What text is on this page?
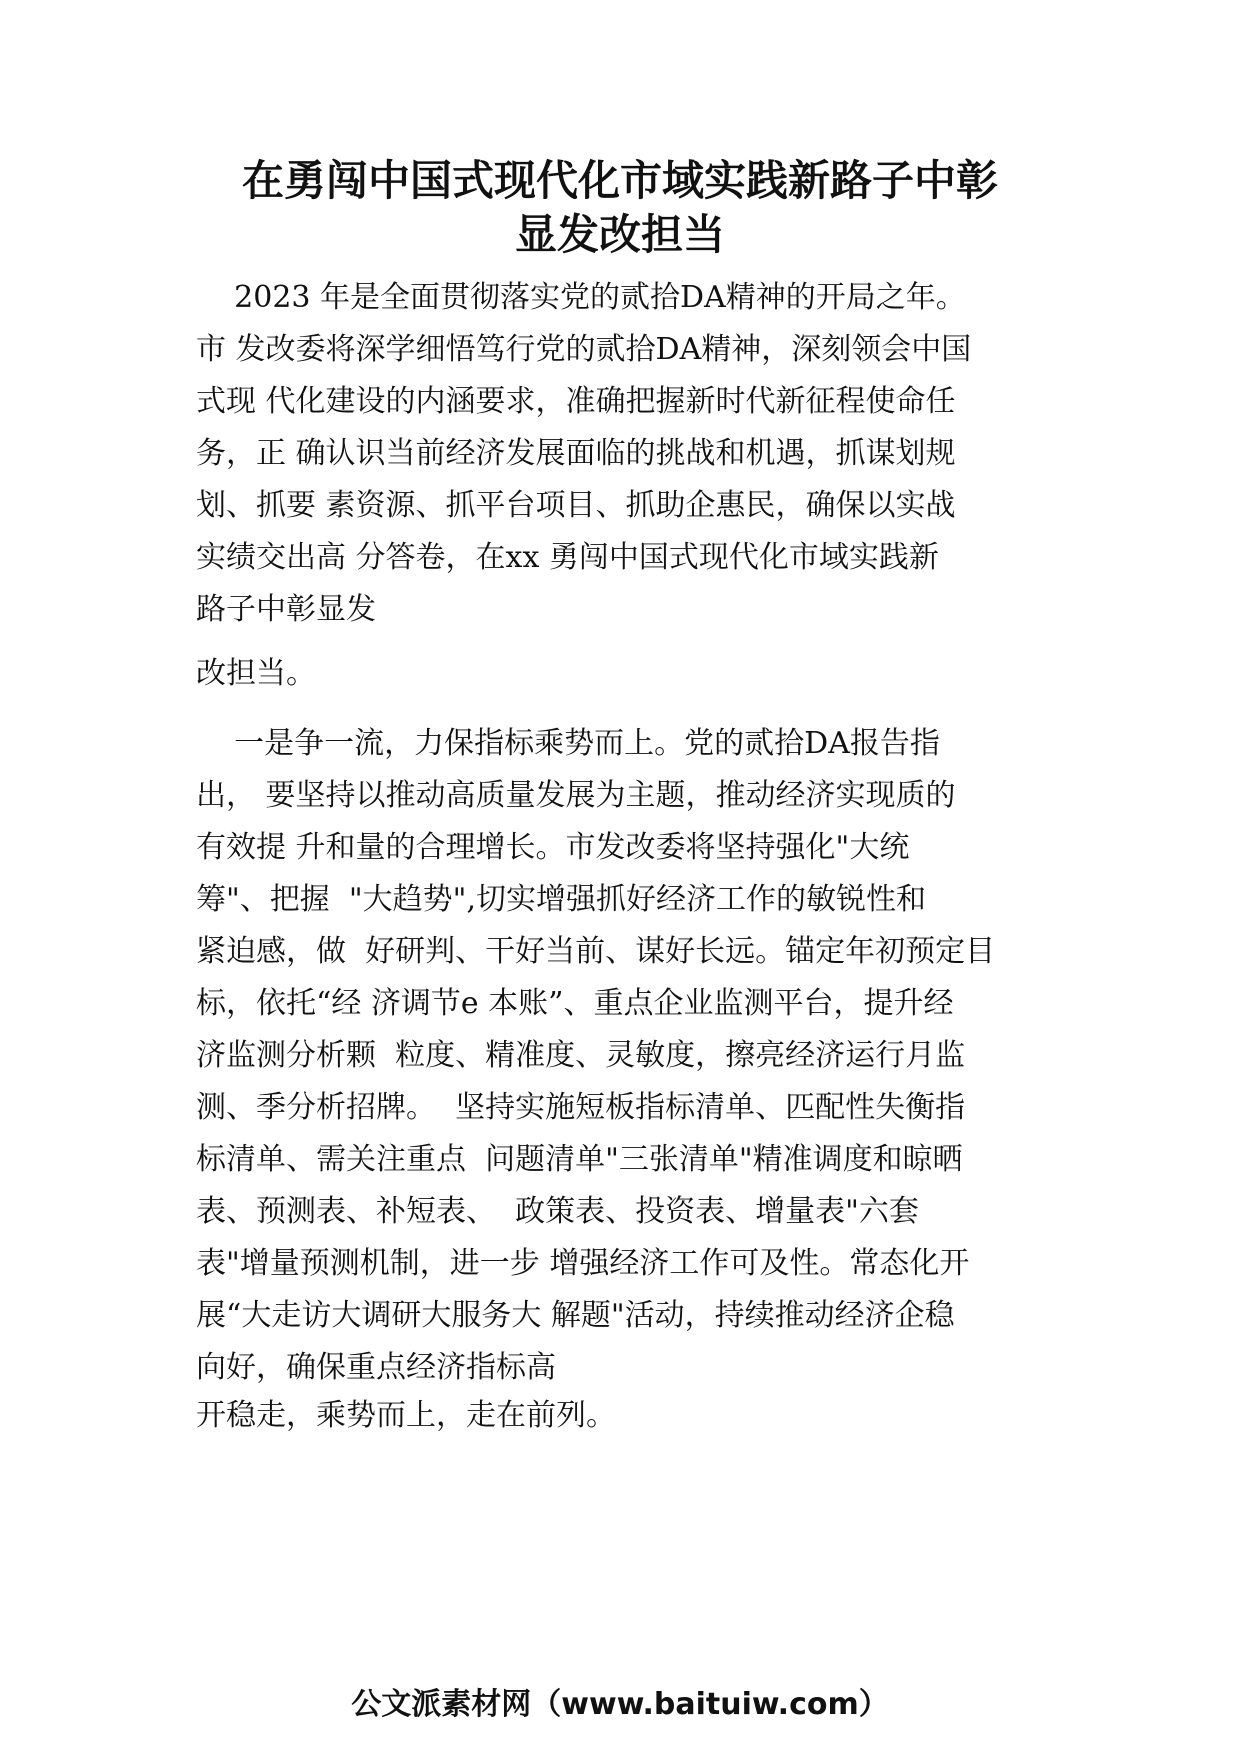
在勇闯中国式现代化市域实践新路子中彰
显发改担当
2023 年是全面贯彻落实党的贰拾DA精神的开局之年。
市 发改委将深学细悟笃行党的贰拾DA精神，深刻领会中国
式现 代化建设的内涵要求，准确把握新时代新征程使命任
务，正 确认识当前经济发展面临的挑战和机遇，抓谋划规
划、抓要 素资源、抓平台项目、抓助企惠民，确保以实战
实绩交出高 分答卷，在xx 勇闯中国式现代化市域实践新
路子中彰显发
改担当。
一是争一流，力保指标乘势而上。党的贰拾DA报告指
出， 要坚持以推动高质量发展为主题，推动经济实现质的
有效提 升和量的合理增长。市发改委将坚持强化"大统
筹"、把握  "大趋势",切实增强抓好经济工作的敏锐性和
紧迫感，做  好研判、干好当前、谋好长远。锚定年初预定目
标，依托“经 济调节e 本账”、重点企业监测平台，提升经
济监测分析颗  粒度、精准度、灵敏度，擦亮经济运行月监
测、季分析招牌。  坚持实施短板指标清单、匹配性失衡指
标清单、需关注重点  问题清单"三张清单"精准调度和晾晒
表、预测表、补短表、  政策表、投资表、增量表"六套
表"增量预测机制，进一步 增强经济工作可及性。常态化开
展“大走访大调研大服务大 解题"活动，持续推动经济企稳
向好，确保重点经济指标高
开稳走，乘势而上，走在前列。
公文派素材网（www.baituiw.com）
